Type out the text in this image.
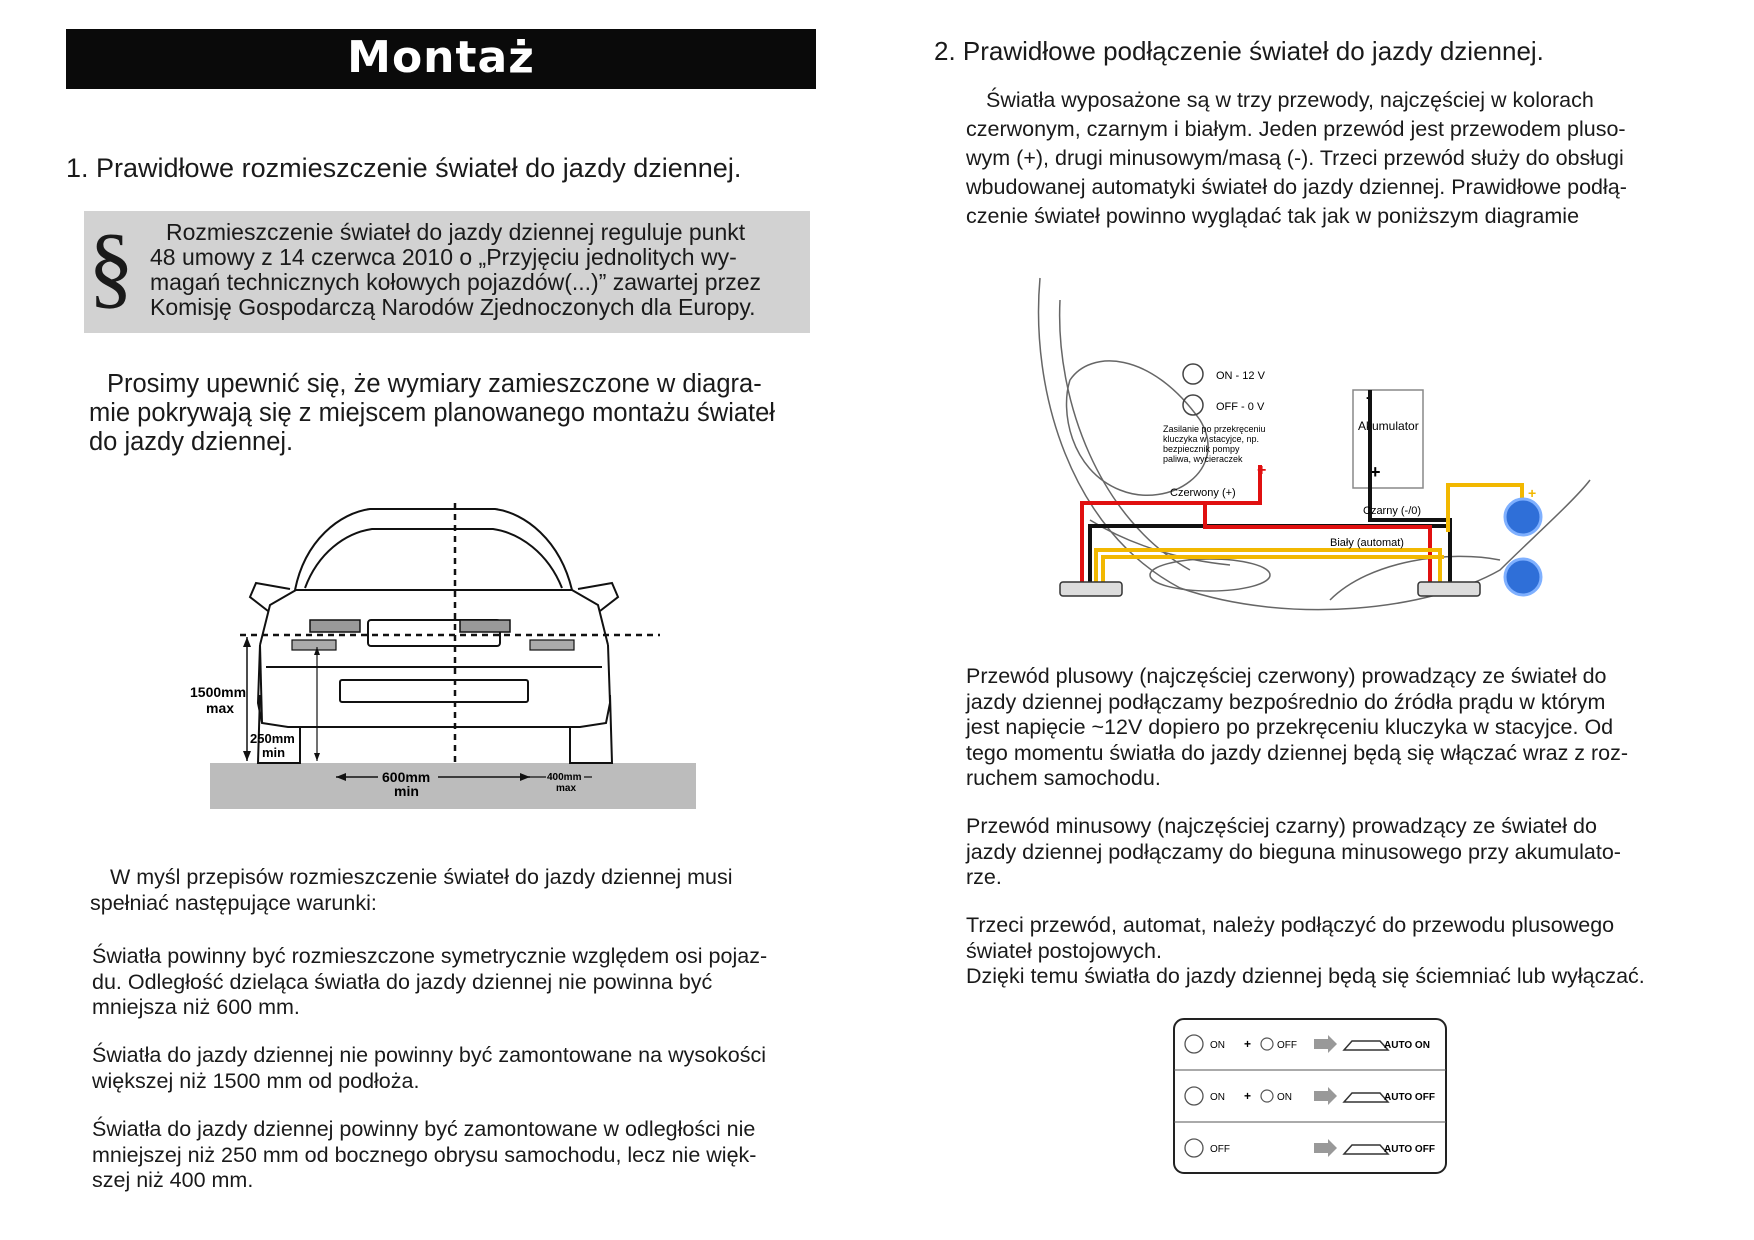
Montaż
1. Prawidłowe rozmieszczenie świateł do jazdy dziennej.
§	Rozmieszczenie świateł do jazdy dziennej reguluje punkt
48 umowy z 14 czerwca 2010 o „Przyjęciu jednolitych wy-
magań technicznych kołowych pojazdów(...)” zawartej przez
Komisję Gospodarczą Narodów Zjednoczonych dla Europy.
Prosimy upewnić się, że wymiary zamieszczone w diagra-
mie pokrywają się z miejscem planowanego montażu świateł
do jazdy dziennej.
1500mm
max
250mm
min
600mm
min
400mm
max
W myśl przepisów rozmieszczenie świateł do jazdy dziennej musi
spełniać następujące warunki:
Światła powinny być rozmieszczone symetrycznie względem osi pojaz-
du. Odległość dzieląca światła do jazdy dziennej nie powinna być
mniejsza niż 600 mm.
Światła do jazdy dziennej nie powinny być zamontowane na wysokości
większej niż 1500 mm od podłoża.
Światła do jazdy dziennej powinny być zamontowane w odległości nie
mniejszej niż 250 mm od bocznego obrysu samochodu, lecz nie więk-
szej niż 400 mm.
2. Prawidłowe podłączenie świateł do jazdy dziennej.
Światła wyposażone są w trzy przewody, najczęściej w kolorach
czerwonym, czarnym i białym. Jeden przewód jest przewodem pluso-
wym (+), drugi minusowym/masą (-). Trzeci przewód służy do obsługi
wbudowanej automatyki świateł do jazdy dziennej. Prawidłowe podłą-
czenie świateł powinno wyglądać tak jak w poniższym diagramie
ON - 12 V
OFF - 0 V
Zasilanie po przekręceniu
kluczyka w stacyjce, np.
bezpiecznik pompy
paliwa, wycieraczek
Akumulator
+
-
+
Czerwony (+)
Czarny (-/0)
Biały (automat)
+
Przewód plusowy (najczęściej czerwony) prowadzący ze świateł do
jazdy dziennej podłączamy bezpośrednio do źródła prądu w którym
jest napięcie ~12V dopiero po przekręceniu kluczyka w stacyjce. Od
tego momentu światła do jazdy dziennej będą się włączać wraz z roz-
ruchem samochodu.
Przewód minusowy (najczęściej czarny) prowadzący ze świateł do
jazdy dziennej podłączamy do bieguna minusowego przy akumulato-
rze.
Trzeci przewód, automat, należy podłączyć do przewodu plusowego
świateł postojowych.
Dzięki temu światła do jazdy dziennej będą się ściemniać lub wyłączać.
ON +	OFF	AUTO ON
ON +	ON	AUTO OFF
OFF	AUTO OFF
